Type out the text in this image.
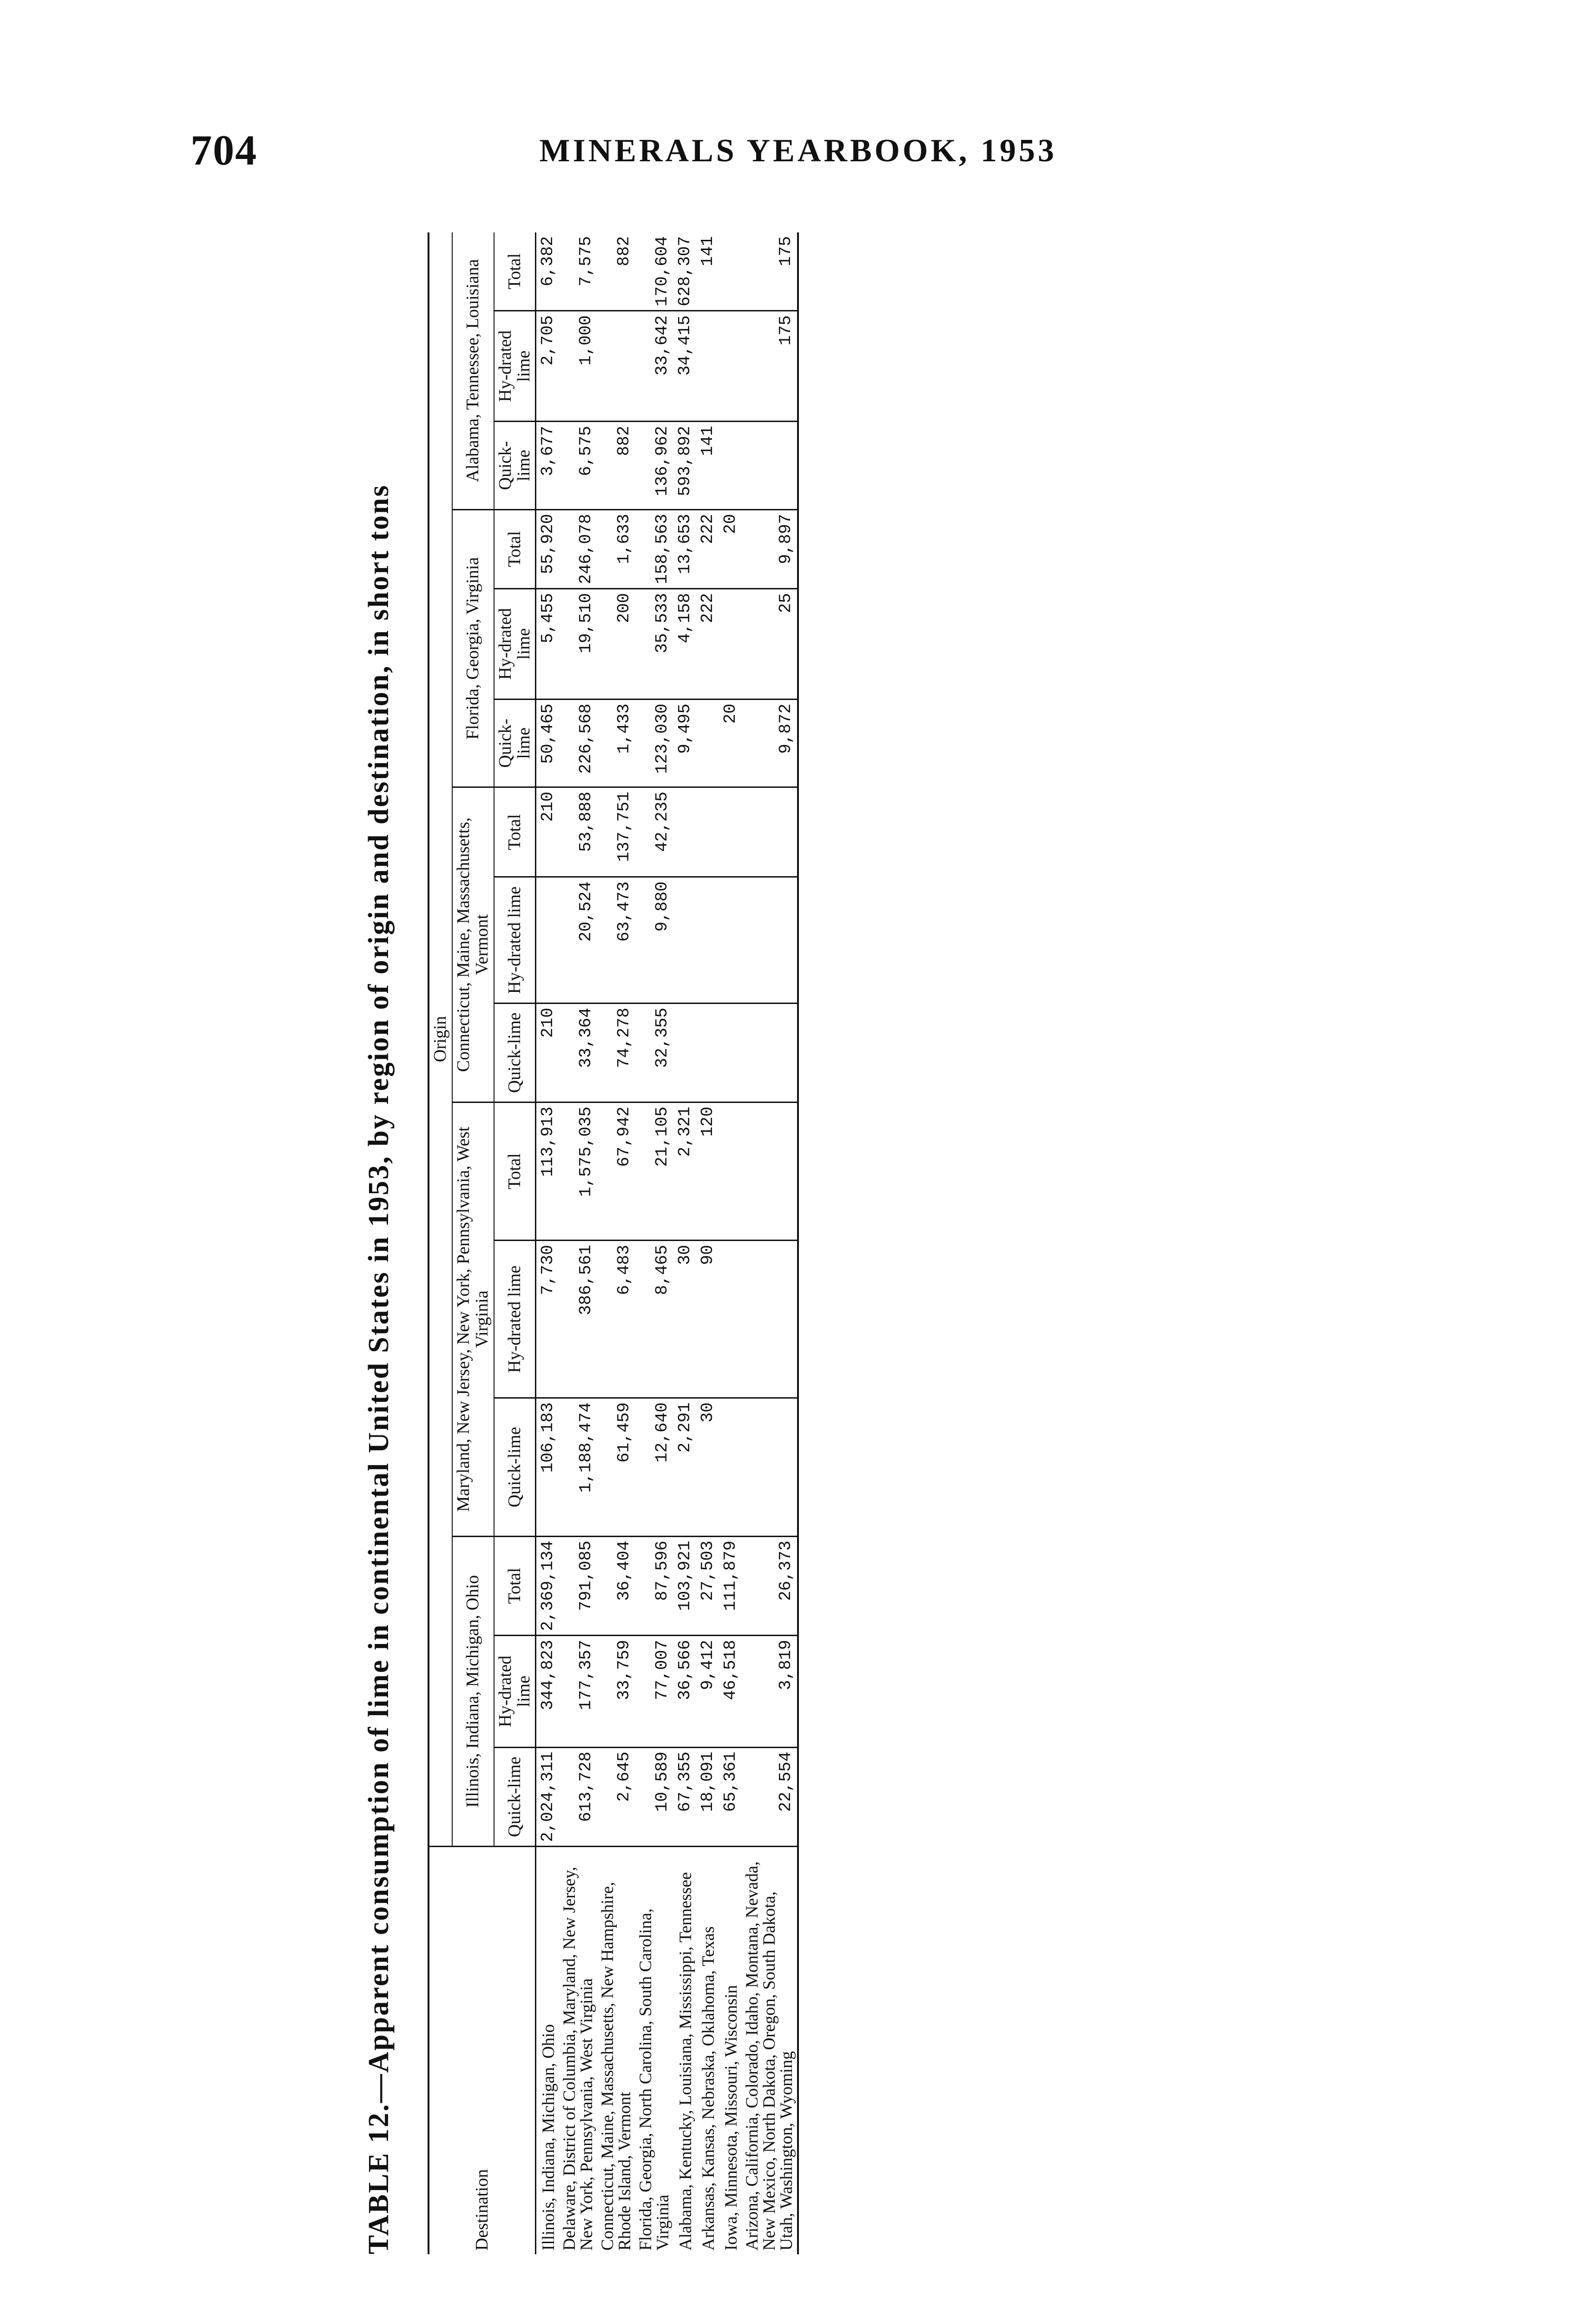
704	MINERALS YEARBOOK, 1953
TABLE 12.—Apparent consumption of lime in continental United States in 1953, by region of origin and destination, in short tons	Destination	Origin														
	Illinois, Indiana, Michigan, Ohio			Maryland, New Jersey, New York, Pennsylvania, West Virginia			Connecticut, Maine, Massachusetts, Vermont			Florida, Georgia, Virginia			Alabama, Tennessee, Louisiana		
	Quick-lime	Hy-drated lime	Total	Quick-lime	Hy-drated lime	Total	Quick-lime	Hy-drated lime	Total	Quick-lime	Hy-drated lime	Total	Quick-lime	Hy-drated lime	Total
Illinois, Indiana, Michigan, Ohio	2,024,311	344,823	2,369,134	106,183	7,730	113,913	210		210	50,465	5,455	55,920	3,677	2,705	6,382
Delaware, District of Columbia, Maryland, New Jersey, New York, Pennsylvania, West Virginia	613,728	177,357	791,085	1,188,474	386,561	1,575,035	33,364	20,524	53,888	226,568	19,510	246,078	6,575	1,000	7,575
Connecticut, Maine, Massachusetts, New Hampshire, Rhode Island, Vermont	2,645	33,759	36,404	61,459	6,483	67,942	74,278	63,473	137,751	1,433	200	1,633	882		882
Florida, Georgia, North Carolina, South Carolina, Virginia	10,589	77,007	87,596	12,640	8,465	21,105	32,355	9,880	42,235	123,030	35,533	158,563	136,962	33,642	170,604
Alabama, Kentucky, Louisiana, Mississippi, Tennessee	67,355	36,566	103,921	2,291	30	2,321				9,495	4,158	13,653	593,892	34,415	628,307
Arkansas, Kansas, Nebraska, Oklahoma, Texas	18,091	9,412	27,503	30	90	120					222	222	141		141
Iowa, Minnesota, Missouri, Wisconsin	65,361	46,518	111,879							20		20			
Arizona, California, Colorado, Idaho, Montana, Nevada, New Mexico, North Dakota, Oregon, South Dakota, Utah, Washington, Wyoming	22,554	3,819	26,373							9,872	25	9,897		175	175
